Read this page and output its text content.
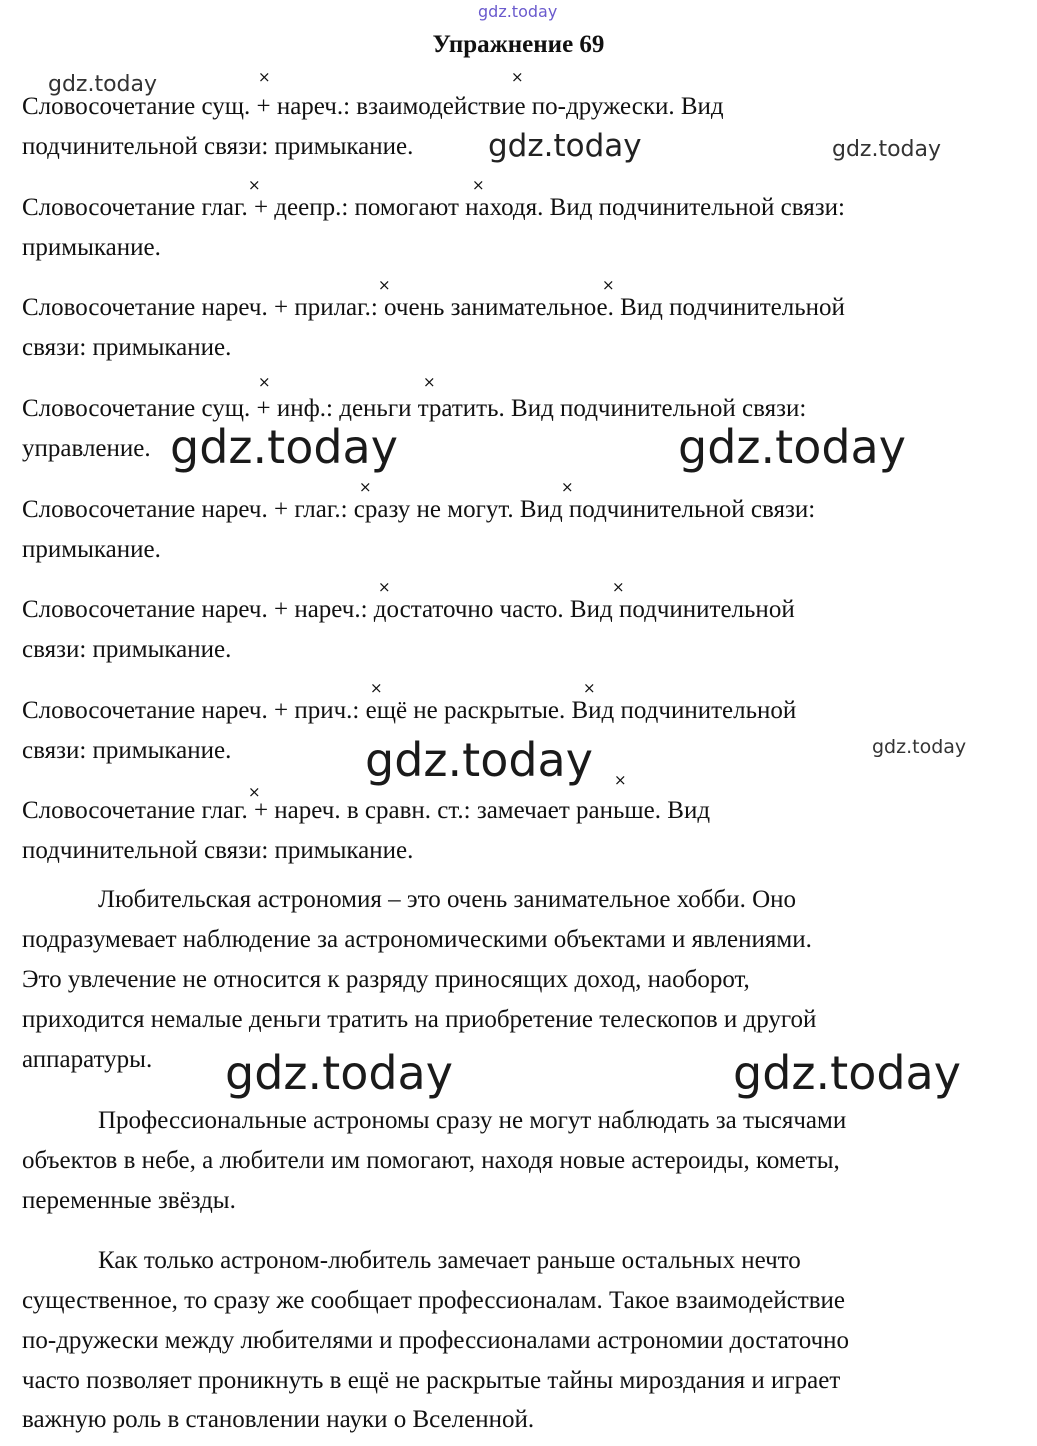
gdz.today
Упражнение 69
Словосочетание сущ. + нареч.: взаимодействие по-дружески. Вид
подчинительной связи: примыкание.
Словосочетание глаг. + деепр.: помогают находя. Вид подчинительной связи:
примыкание.
Словосочетание нареч. + прилаг.: очень занимательное. Вид подчинительной
связи: примыкание.
Словосочетание сущ. + инф.: деньги тратить. Вид подчинительной связи:
управление.
Словосочетание нареч. + глаг.: сразу не могут. Вид подчинительной связи:
примыкание.
Словосочетание нареч. + нареч.: достаточно часто. Вид подчинительной
связи: примыкание.
Словосочетание нареч. + прич.: ещё не раскрытые. Вид подчинительной
связи: примыкание.
Словосочетание глаг. + нареч. в сравн. ст.: замечает раньше. Вид
подчинительной связи: примыкание.
×	×
×	×
×	×
×	×
×	×
×	×
×	×
×
×
Любительская астрономия – это очень занимательное хобби. Оно
подразумевает наблюдение за астрономическими объектами и явлениями.
Это увлечение не относится к разряду приносящих доход, наоборот,
приходится немалые деньги тратить на приобретение телескопов и другой
аппаратуры.
Профессиональные астрономы сразу не могут наблюдать за тысячами
объектов в небе, а любители им помогают, находя новые астероиды, кометы,
переменные звёзды.
Как только астроном-любитель замечает раньше остальных нечто
существенное, то сразу же сообщает профессионалам. Такое взаимодействие
по-дружески между любителями и профессионалами астрономии достаточно
часто позволяет проникнуть в ещё не раскрытые тайны мироздания и играет
важную роль в становлении науки о Вселенной.
gdz.today
gdz.today	gdz.today
gdz.today	gdz.today
gdz.today
gdz.today
gdz.today	gdz.today
